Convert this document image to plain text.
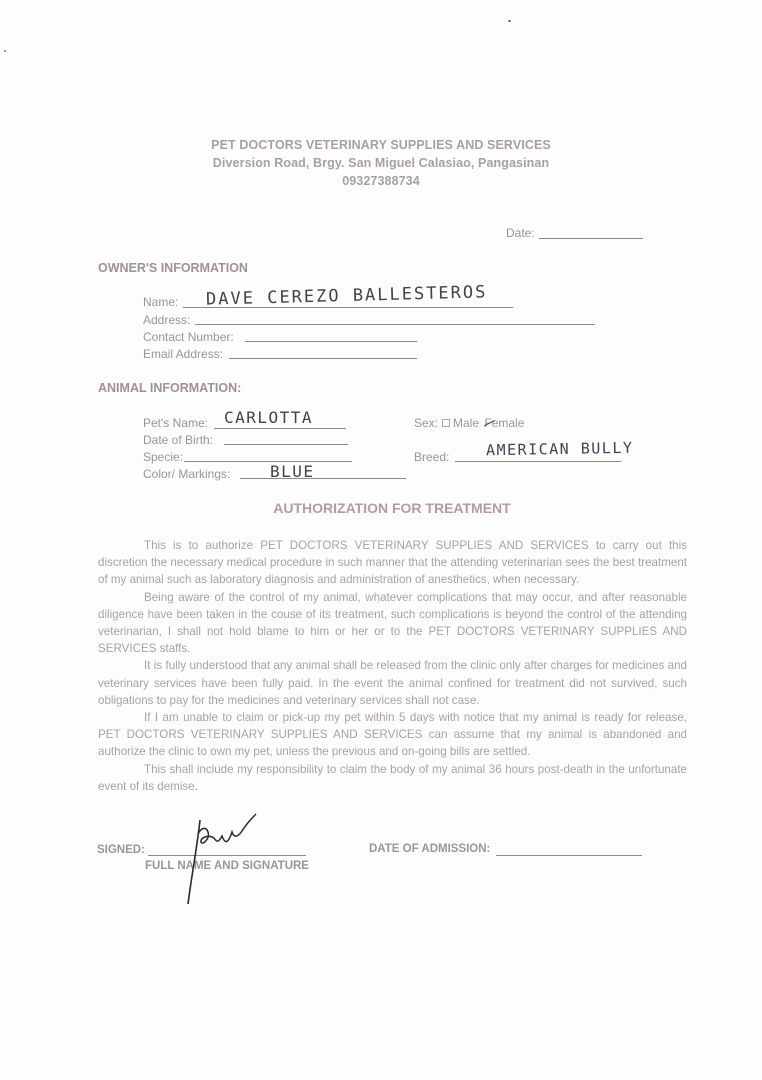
PET DOCTORS VETERINARY SUPPLIES AND SERVICES
Diversion Road, Brgy. San Miguel Calasiao, Pangasinan
09327388734
Date:
OWNER'S INFORMATION
Name: DAVE CEREZO BALLESTEROS
Address:
Contact Number:
Email Address:
ANIMAL INFORMATION:
Pet's Name: CARLOTTA
Date of Birth:
Specie:
Color/ Markings: BLUE
Sex: Male Female
Breed: AMERICAN BULLY
AUTHORIZATION FOR TREATMENT

This is to authorize PET DOCTORS VETERINARY SUPPLIES AND SERVICES to carry out this discretion the necessary medical procedure in such manner that the attending veterinarian sees the best treatment of my animal such as laboratory diagnosis and administration of anesthetics, when necessary.

Being aware of the control of my animal, whatever complications that may occur, and after reasonable diligence have been taken in the couse of its treatment, such complications is beyond the control of the attending veterinarian, I shall not hold blame to him or her or to the PET DOCTORS VETERINARY SUPPLIES AND SERVICES staffs.

It is fully understood that any animal shall be released from the clinic only after charges for medicines and veterinary services have been fully paid. In the event the animal confined for treatment did not survived, such obligations to pay for the medicines and veterinary services shall not case.

If I am unable to claim or pick-up my pet within 5 days with notice that my animal is ready for release, PET DOCTORS VETERINARY SUPPLIES AND SERVICES can assume that my animal is abandoned and authorize the clinic to own my pet, unless the previous and on-going bills are settled.

This shall include my responsibility to claim the body of my animal 36 hours post-death in the unfortunate event of its demise.

SIGNED:
FULL NAME AND SIGNATURE
DATE OF ADMISSION:
